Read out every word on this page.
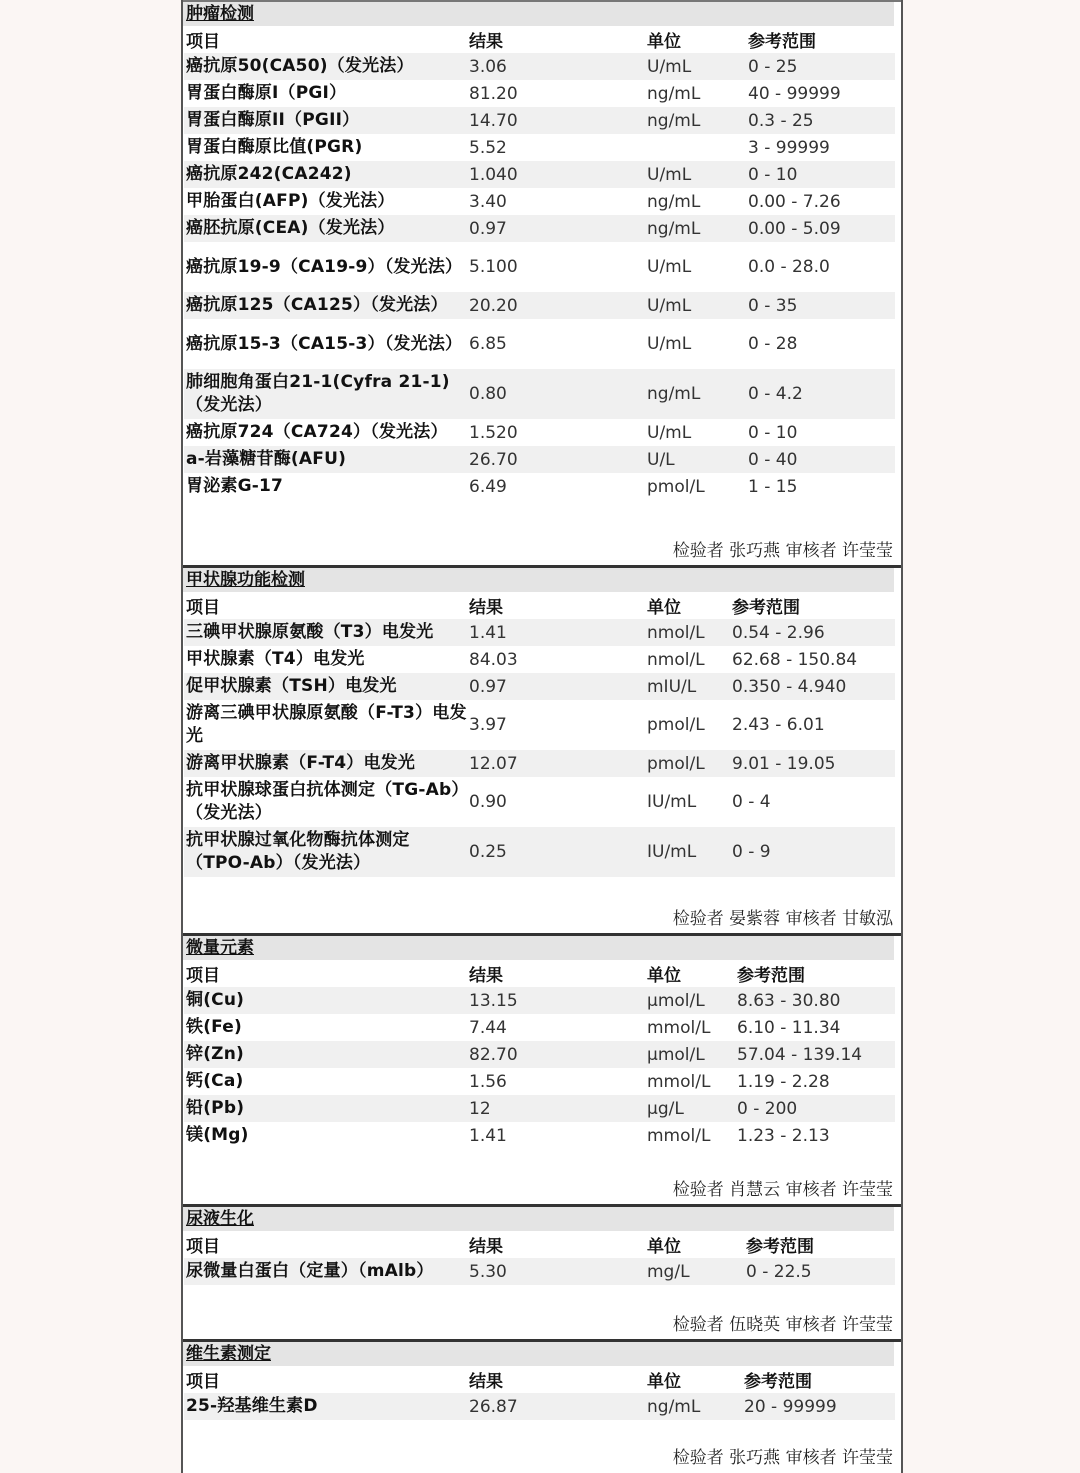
肿瘤检测
项目	结果	单位	参考范围
癌抗原50(CA50)（发光法）	3.06	U/mL	0 - 25
胃蛋白酶原I（PGI）	81.20	ng/mL	40 - 99999
胃蛋白酶原II（PGII）	14.70	ng/mL	0.3 - 25
胃蛋白酶原比值(PGR)	5.52		3 - 99999
癌抗原242(CA242)	1.040	U/mL	0 - 10
甲胎蛋白(AFP)（发光法）	3.40	ng/mL	0.00 - 7.26
癌胚抗原(CEA)（发光法）	0.97	ng/mL	0.00 - 5.09
癌抗原19-9（CA19-9）（发光法）	5.100	U/mL	0.0 - 28.0
癌抗原125（CA125）（发光法）	20.20	U/mL	0 - 35
癌抗原15-3（CA15-3）（发光法）	6.85	U/mL	0 - 28
肺细胞角蛋白21-1(Cyfra 21-1)（发光法）	0.80	ng/mL	0 - 4.2
癌抗原724（CA724）（发光法）	1.520	U/mL	0 - 10
a-岩藻糖苷酶(AFU)	26.70	U/L	0 - 40
胃泌素G-17	6.49	pmol/L	1 - 15
检验者 张巧燕 审核者 许莹莹
甲状腺功能检测
项目	结果	单位	参考范围
三碘甲状腺原氨酸（T3）电发光	1.41	nmol/L	0.54 - 2.96
甲状腺素（T4）电发光	84.03	nmol/L	62.68 - 150.84
促甲状腺素（TSH）电发光	0.97	mIU/L	0.350 - 4.940
游离三碘甲状腺原氨酸（F-T3）电发光	3.97	pmol/L	2.43 - 6.01
游离甲状腺素（F-T4）电发光	12.07	pmol/L	9.01 - 19.05
抗甲状腺球蛋白抗体测定（TG-Ab）（发光法）	0.90	IU/mL	0 - 4
抗甲状腺过氧化物酶抗体测定（TPO-Ab）（发光法）	0.25	IU/mL	0 - 9
检验者 晏紫蓉 审核者 甘敏泓
微量元素
项目	结果	单位	参考范围
铜(Cu)	13.15	µmol/L	8.63 - 30.80
铁(Fe)	7.44	mmol/L	6.10 - 11.34
锌(Zn)	82.70	µmol/L	57.04 - 139.14
钙(Ca)	1.56	mmol/L	1.19 - 2.28
铅(Pb)	12	µg/L	0 - 200
镁(Mg)	1.41	mmol/L	1.23 - 2.13
检验者 肖慧云 审核者 许莹莹
尿液生化
项目	结果	单位	参考范围
尿微量白蛋白（定量）（mAlb）	5.30	mg/L	0 - 22.5
检验者 伍晓英 审核者 许莹莹
维生素测定
项目	结果	单位	参考范围
25-羟基维生素D	26.87	ng/mL	20 - 99999
检验者 张巧燕 审核者 许莹莹
